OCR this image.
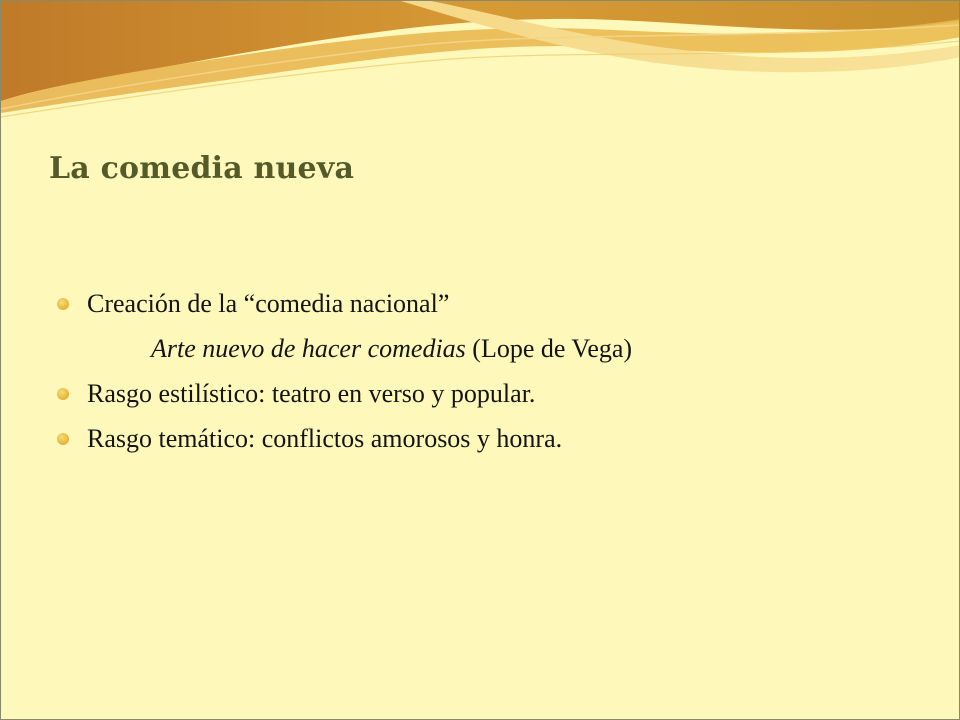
La comedia nueva
Creación de la “comedia nacional”
Arte nuevo de hacer comedias (Lope de Vega)
Rasgo estilístico: teatro en verso y popular.
Rasgo temático: conflictos amorosos y honra.
